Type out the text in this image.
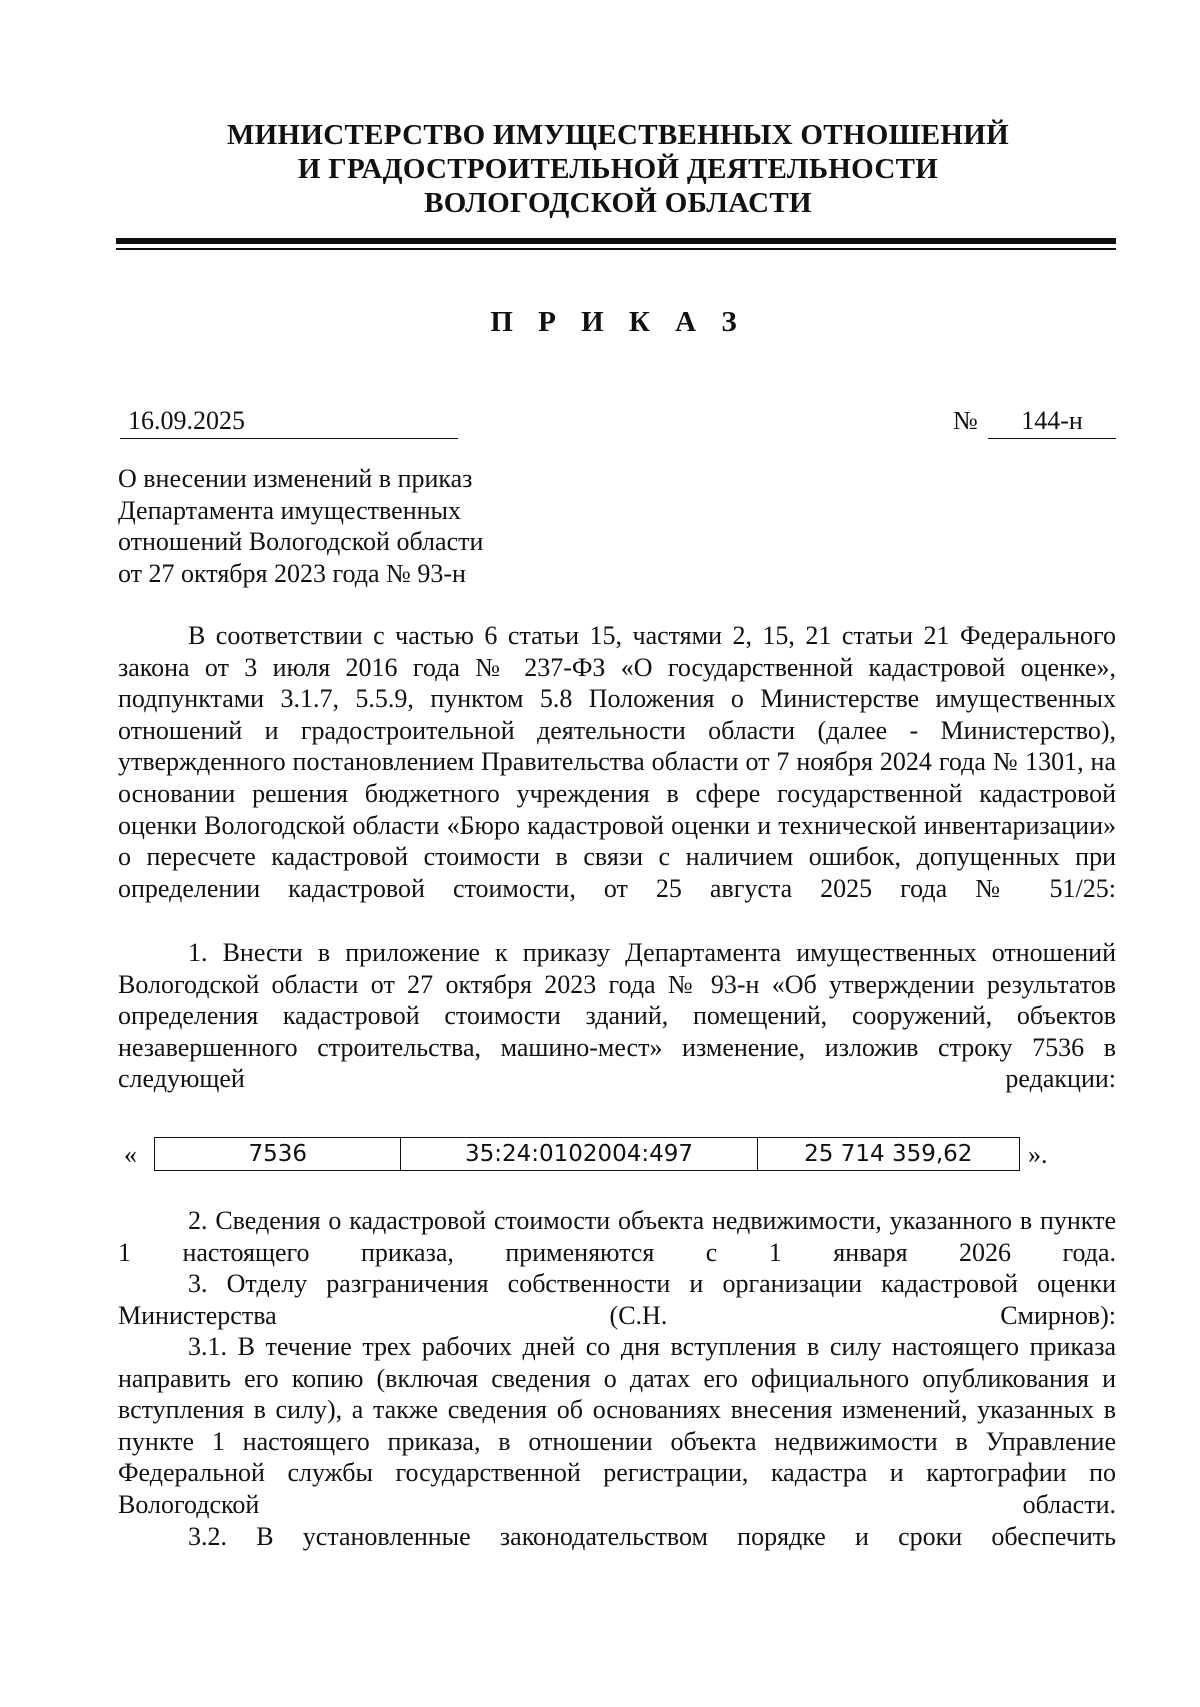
МИНИСТЕРСТВО ИМУЩЕСТВЕННЫХ ОТНОШЕНИЙ
И ГРАДОСТРОИТЕЛЬНОЙ ДЕЯТЕЛЬНОСТИ
ВОЛОГОДСКОЙ ОБЛАСТИ
П Р И К А З
16.09.2025	№	144-н
О внесении изменений в приказ
Департамента имущественных
отношений Вологодской области
от 27 октября 2023 года № 93-н
В соответствии с частью 6 статьи 15, частями 2, 15, 21 статьи 21 Федерального закона от 3 июля 2016 года № 237-ФЗ «О государственной кадастровой оценке», подпунктами 3.1.7, 5.5.9, пунктом 5.8 Положения о Министерстве имущественных отношений и градостроительной деятельности области (далее - Министерство), утвержденного постановлением Правительства области от 7 ноября 2024 года № 1301, на основании решения бюджетного учреждения в сфере государственной кадастровой оценки Вологодской области «Бюро кадастровой оценки и технической инвентаризации» о пересчете кадастровой стоимости в связи с наличием ошибок, допущенных при определении кадастровой стоимости, от 25 августа 2025 года № 51/25:
1. Внести в приложение к приказу Департамента имущественных отношений Вологодской области от 27 октября 2023 года № 93-н «Об утверждении результатов определения кадастровой стоимости зданий, помещений, сооружений, объектов незавершенного строительства, машино-мест» изменение, изложив строку 7536 в следующей редакции:
«	7536	35:24:0102004:497	25 714 359,62	».
2. Сведения о кадастровой стоимости объекта недвижимости, указанного в пункте 1 настоящего приказа, применяются с 1 января 2026 года.
3. Отделу разграничения собственности и организации кадастровой оценки Министерства (С.Н. Смирнов):
3.1. В течение трех рабочих дней со дня вступления в силу настоящего приказа направить его копию (включая сведения о датах его официального опубликования и вступления в силу), а также сведения об основаниях внесения изменений, указанных в пункте 1 настоящего приказа, в отношении объекта недвижимости в Управление Федеральной службы государственной регистрации, кадастра и картографии по Вологодской области.
3.2. В установленные законодательством порядке и сроки обеспечить
